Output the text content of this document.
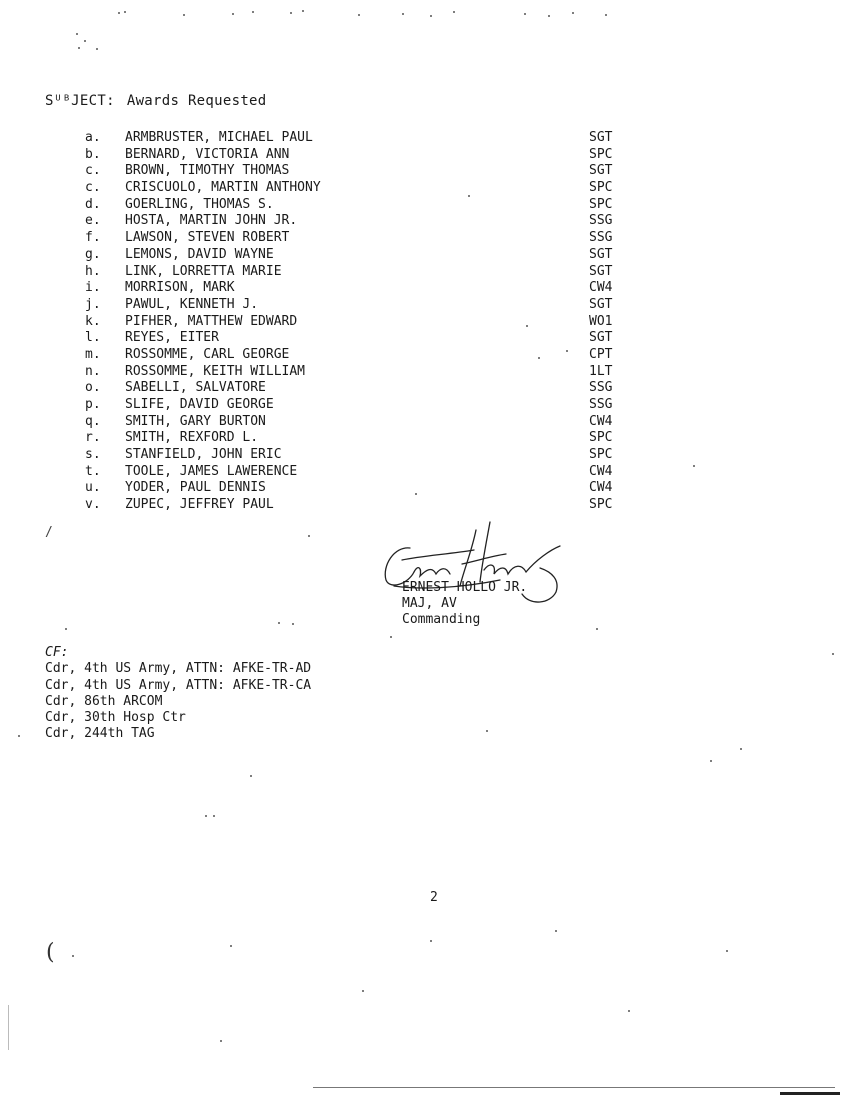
SᵁᴮJECT: Awards Requested
a.	ARMBRUSTER, MICHAEL PAUL	SGT
b.	BERNARD, VICTORIA ANN	SPC
c.	BROWN, TIMOTHY THOMAS	SGT
c.	CRISCUOLO, MARTIN ANTHONY	SPC
d.	GOERLING, THOMAS S.	SPC
e.	HOSTA, MARTIN JOHN JR.	SSG
f.	LAWSON, STEVEN ROBERT	SSG
g.	LEMONS, DAVID WAYNE	SGT
h.	LINK, LORRETTA MARIE	SGT
i.	MORRISON, MARK	CW4
j.	PAWUL, KENNETH J.	SGT
k.	PIFHER, MATTHEW EDWARD	WO1
l.	REYES, EITER	SGT
m.	ROSSOMME, CARL GEORGE	CPT
n.	ROSSOMME, KEITH WILLIAM	1LT
o.	SABELLI, SALVATORE	SSG
p.	SLIFE, DAVID GEORGE	SSG
q.	SMITH, GARY BURTON	CW4
r.	SMITH, REXFORD L.	SPC
s.	STANFIELD, JOHN ERIC	SPC
t.	TOOLE, JAMES LAWERENCE	CW4
u.	YODER, PAUL DENNIS	CW4
v.	ZUPEC, JEFFREY PAUL	SPC
/
ERNEST HOLLO JR.
MAJ, AV
Commanding
CF:
Cdr, 4th US Army, ATTN: AFKE-TR-AD
Cdr, 4th US Army, ATTN: AFKE-TR-CA
Cdr, 86th ARCOM
Cdr, 30th Hosp Ctr
Cdr, 244th TAG
2
(
